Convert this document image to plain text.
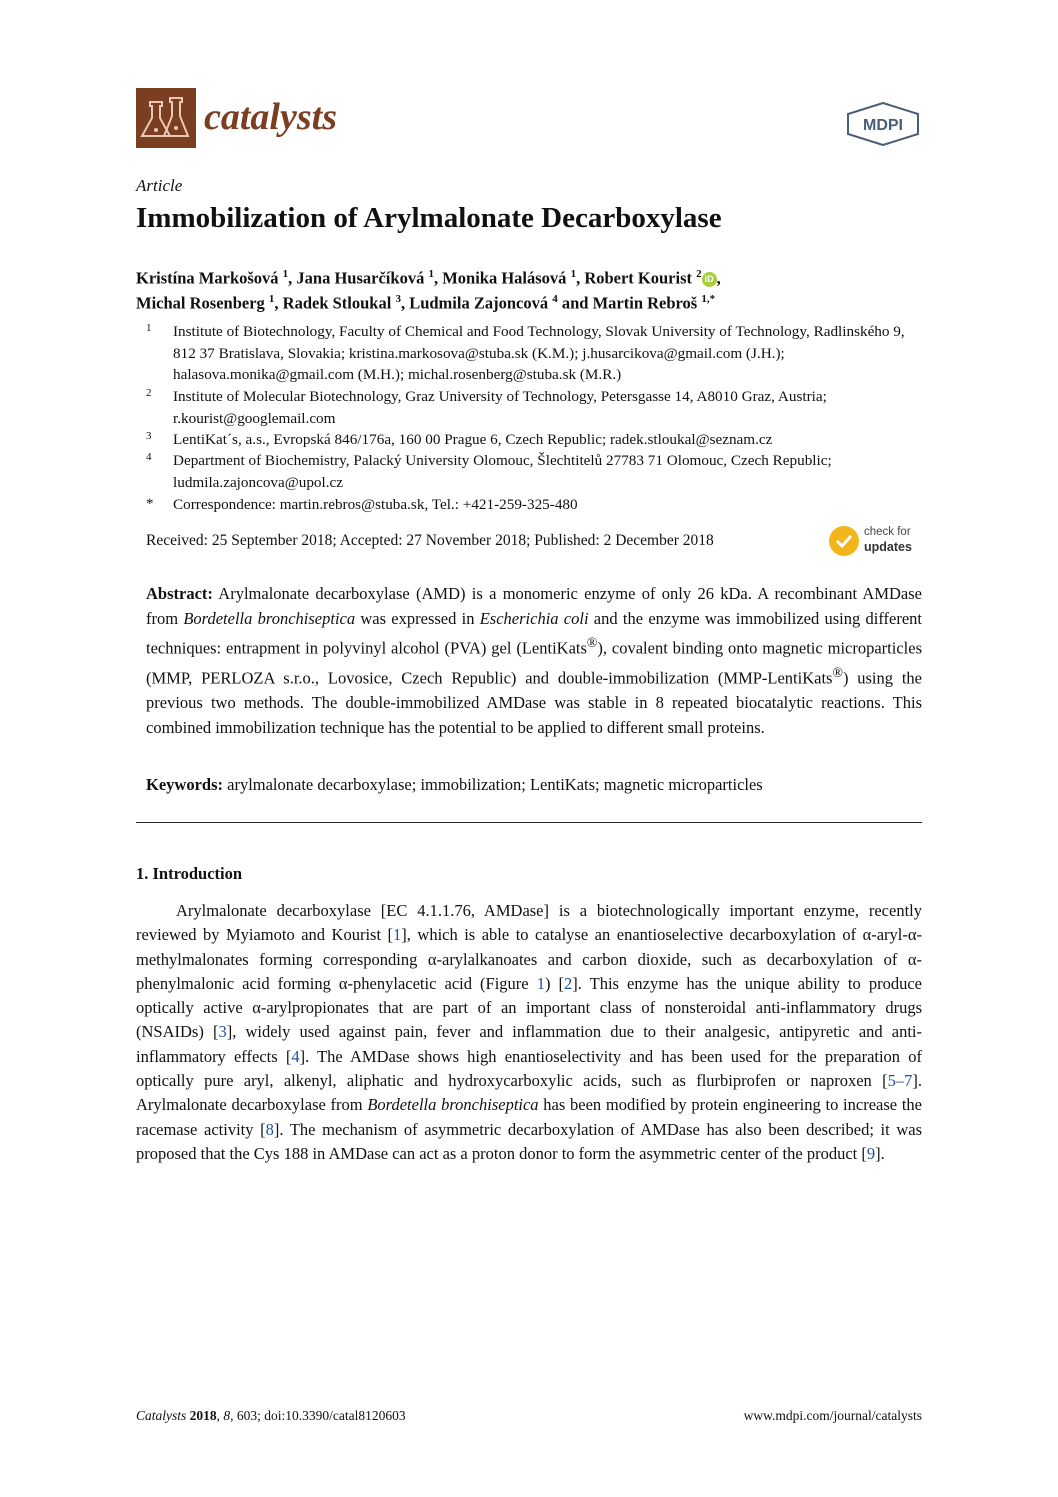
catalysts	MDPI
Article
Immobilization of Arylmalonate Decarboxylase
Kristína Markošová $^1$, Jana Husarčíková $^1$, Monika Halásová $^1$, Robert Kourist $^2$ iD ,
Michal Rosenberg $^1$, Radek Stloukal $^3$, Ludmila Zajoncová $^4$ and Martin Rebroš $^{1,*}$
1 Institute of Biotechnology, Faculty of Chemical and Food Technology, Slovak University of Technology, Radlinského 9, 812 37 Bratislava, Slovakia; kristina.markosova@stuba.sk (K.M.); j.husarcikova@gmail.com (J.H.); halasova.monika@gmail.com (M.H.); michal.rosenberg@stuba.sk (M.R.)
2 Institute of Molecular Biotechnology, Graz University of Technology, Petersgasse 14, A8010 Graz, Austria; r.kourist@googlemail.com
3 LentiKat´s, a.s., Evropská 846/176a, 160 00 Prague 6, Czech Republic; radek.stloukal@seznam.cz
4 Department of Biochemistry, Palacký University Olomouc, Šlechtitelů 27783 71 Olomouc, Czech Republic; ludmila.zajoncova@upol.cz
* Correspondence: martin.rebros@stuba.sk, Tel.: +421-259-325-480
Received: 25 September 2018; Accepted: 27 November 2018; Published: 2 December 2018	check for
updates
Abstract: Arylmalonate decarboxylase (AMD) is a monomeric enzyme of only 26 kDa. A recombinant AMDase from Bordetella bronchiseptica was expressed in Escherichia coli and the enzyme was immobilized using different techniques: entrapment in polyvinyl alcohol (PVA) gel (LentiKats®), covalent binding onto magnetic microparticles (MMP, PERLOZA s.r.o., Lovosice, Czech Republic) and double-immobilization (MMP-LentiKats®) using the previous two methods. The double-immobilized AMDase was stable in 8 repeated biocatalytic reactions. This combined immobilization technique has the potential to be applied to different small proteins.
Keywords: arylmalonate decarboxylase; immobilization; LentiKats; magnetic microparticles
1. Introduction
Arylmalonate decarboxylase [EC 4.1.1.76, AMDase] is a biotechnologically important enzyme, recently reviewed by Myiamoto and Kourist [1], which is able to catalyse an enantioselective decarboxylation of α-aryl-α-methylmalonates forming corresponding α-arylalkanoates and carbon dioxide, such as decarboxylation of α-phenylmalonic acid forming α-phenylacetic acid (Figure 1) [2]. This enzyme has the unique ability to produce optically active α-arylpropionates that are part of an important class of nonsteroidal anti-inflammatory drugs (NSAIDs) [3], widely used against pain, fever and inflammation due to their analgesic, antipyretic and anti-inflammatory effects [4]. The AMDase shows high enantioselectivity and has been used for the preparation of optically pure aryl, alkenyl, aliphatic and hydroxycarboxylic acids, such as flurbiprofen or naproxen [5–7]. Arylmalonate decarboxylase from Bordetella bronchiseptica has been modified by protein engineering to increase the racemase activity [8]. The mechanism of asymmetric decarboxylation of AMDase has also been described; it was proposed that the Cys 188 in AMDase can act as a proton donor to form the asymmetric center of the product [9].
Catalysts 2018, 8, 603; doi:10.3390/catal8120603	www.mdpi.com/journal/catalysts
